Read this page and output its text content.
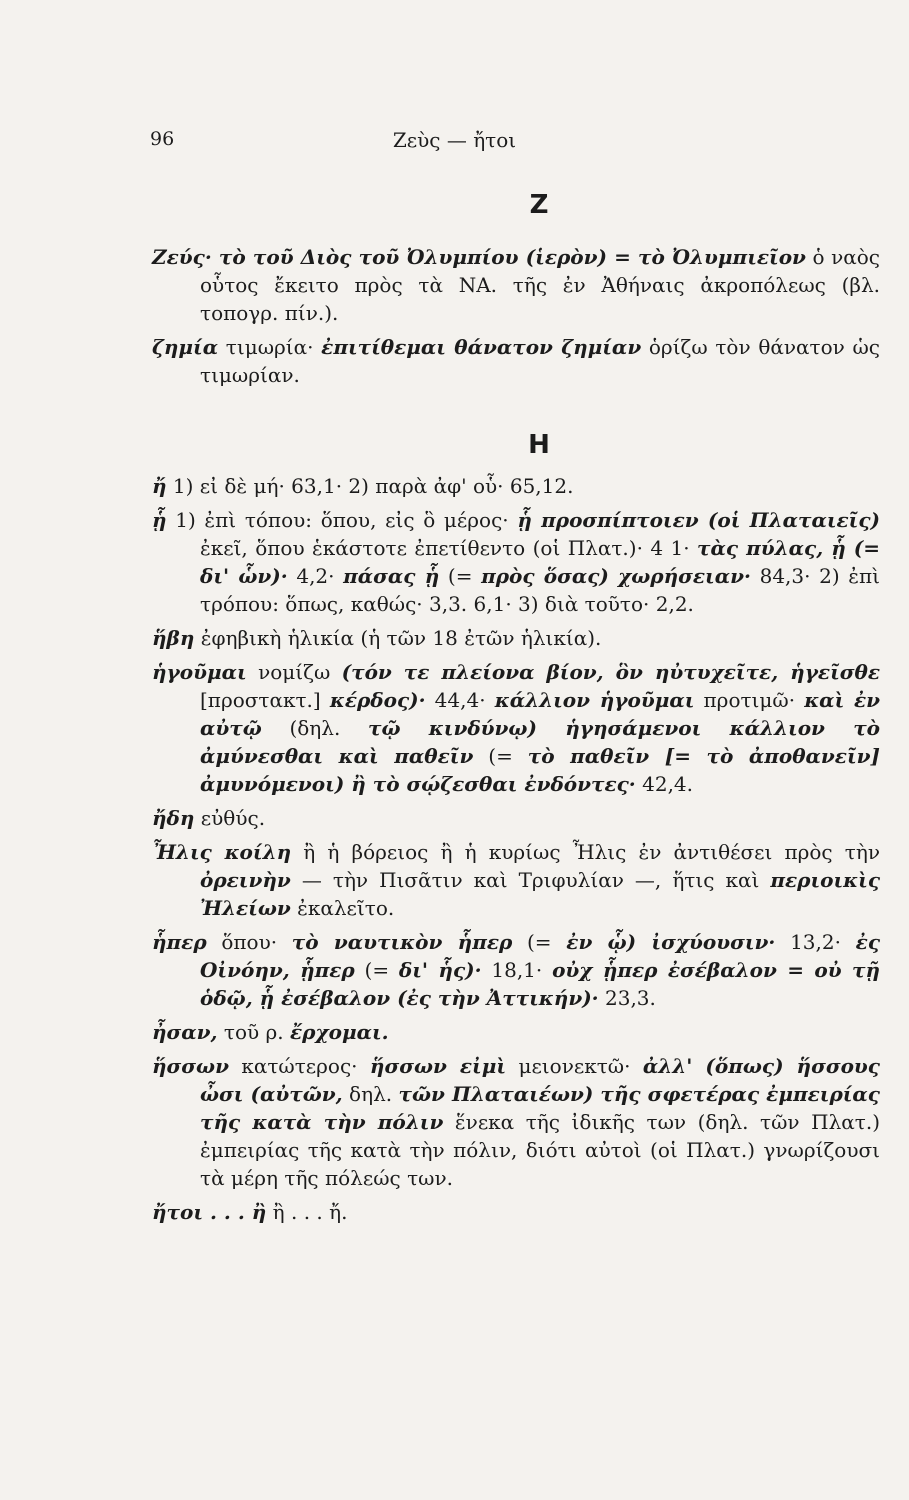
96	Ζεὺς — ἤτοι
Z

Ζεύς· τὸ τοῦ Διὸς τοῦ Ὀλυμπίου (ἱερὸν) = τὸ Ὀλυμπιεῖον ὁ ναὸς οὗτος ἔκειτο πρὸς τὰ ΝΑ. τῆς ἐν Ἀθήναις ἀκροπόλεως (βλ. τοπογρ. πίν.).

ζημία τιμωρία· ἐπιτίθεμαι θάνατον ζημίαν ὁρίζω τὸν θάνατον ὡς τιμωρίαν.

H

ἤ 1) εἰ δὲ μή· 63,1· 2) παρὰ ἀφ' οὗ· 65,12.

ᾗ 1) ἐπὶ τόπου: ὅπου, εἰς ὃ μέρος· ᾗ προσπίπτοιεν (οἱ Πλαταιεῖς) ἐκεῖ, ὅπου ἑκάστοτε ἐπετίθεντο (οἱ Πλατ.)· 4 1· τὰς πύλας, ᾗ (= δι' ὧν)· 4,2· πάσας ᾗ (= πρὸς ὅσας) χωρήσειαν· 84,3· 2) ἐπὶ τρόπου: ὅπως, καθώς· 3,3. 6,1· 3) διὰ τοῦτο· 2,2.

ἥβη ἐφηβικὴ ἡλικία (ἡ τῶν 18 ἐτῶν ἡλικία).

ἡγοῦμαι νομίζω (τόν τε πλείονα βίον, ὃν ηὐτυχεῖτε, ἡγεῖσθε [προστακτ.] κέρδος)· 44,4· κάλλιον ἡγοῦμαι προτιμῶ· καὶ ἐν αὐτῷ (δηλ. τῷ κινδύνῳ) ἡγησάμενοι κάλλιον τὸ ἀμύνεσθαι καὶ παθεῖν (= τὸ παθεῖν [= τὸ ἀποθανεῖν] ἀμυνόμενοι) ἢ τὸ σῴζεσθαι ἐνδόντες· 42,4.

ἤδη εὐθύς.

Ἦλις κοίλη ἢ ἡ βόρειος ἢ ἡ κυρίως Ἦλις ἐν ἀντιθέσει πρὸς τὴν ὀρεινὴν — τὴν Πισᾶτιν καὶ Τριφυλίαν —, ἥτις καὶ περιοικὶς Ἠλείων ἐκαλεῖτο.

ἧπερ ὅπου· τὸ ναυτικὸν ἧπερ (= ἐν ᾧ) ἰσχύουσιν· 13,2· ἐς Οἰνόην, ᾗπερ (= δι' ἧς)· 18,1· οὐχ ᾗπερ ἐσέβαλον = οὐ τῇ ὁδῷ, ᾗ ἐσέβαλον (ἐς τὴν Ἀττικήν)· 23,3.

ἦσαν, τοῦ ρ. ἔρχομαι.

ἥσσων κατώτερος· ἥσσων εἰμὶ μειονεκτῶ· ἀλλ' (ὅπως) ἥσσους ὦσι (αὐτῶν, δηλ. τῶν Πλαταιέων) τῆς σφετέρας ἐμπειρίας τῆς κατὰ τὴν πόλιν ἕνεκα τῆς ἰδικῆς των (δηλ. τῶν Πλατ.) ἐμπειρίας τῆς κατὰ τὴν πόλιν, διότι αὐτοὶ (οἱ Πλατ.) γνωρίζουσι τὰ μέρη τῆς πόλεώς των.

ἤτοι . . . ἢ ἢ . . . ἤ.
